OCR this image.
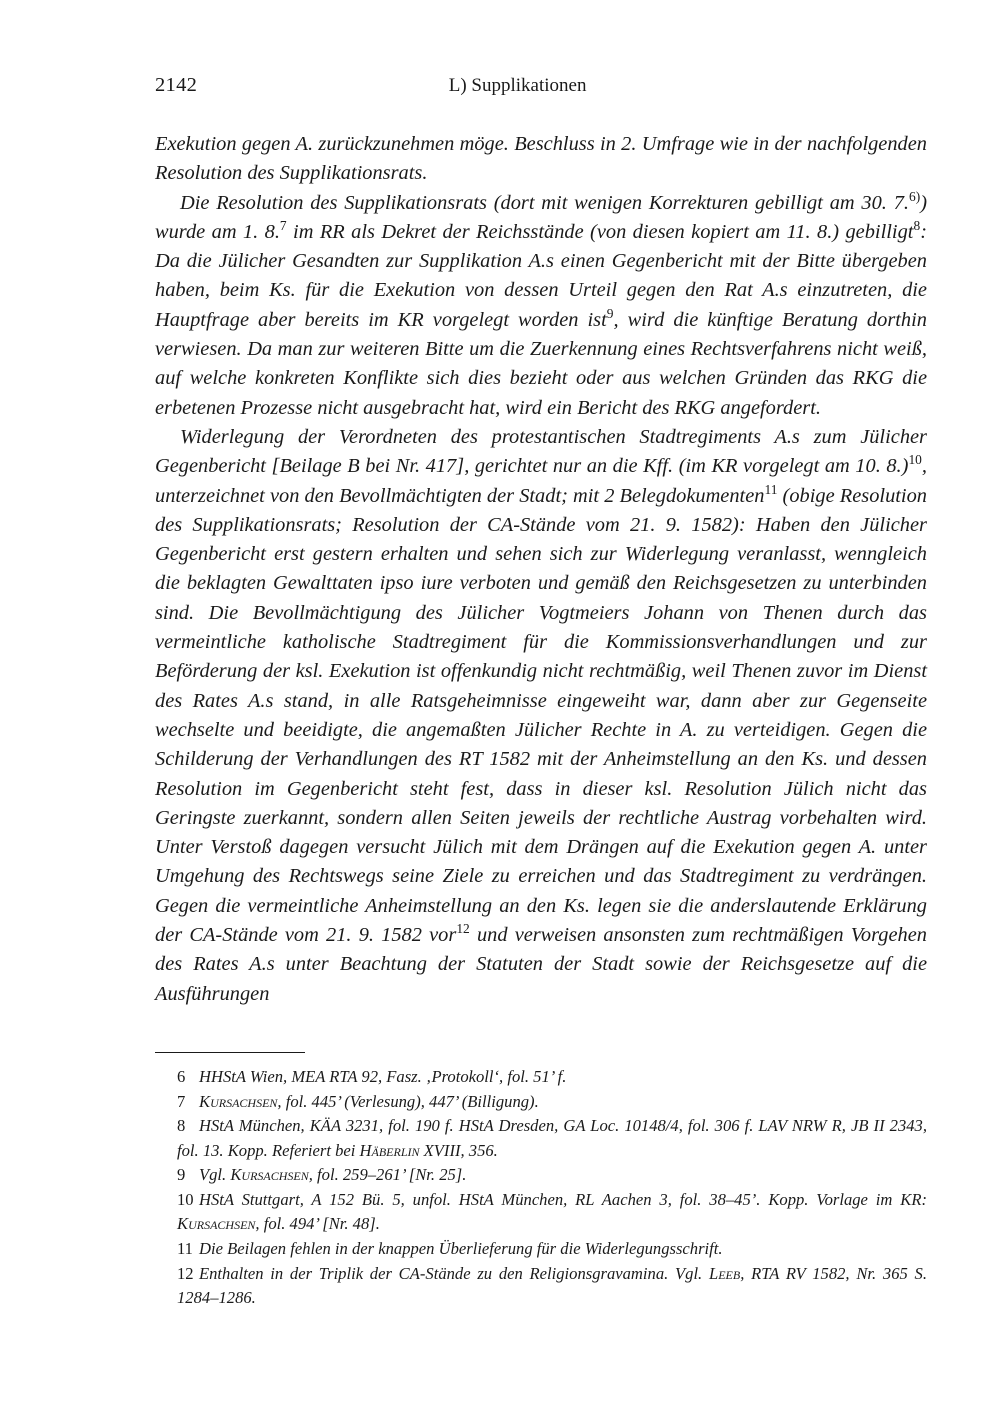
2142	L) Supplikationen

Exekution gegen A. zurückzunehmen möge. Beschluss in 2. Umfrage wie in der nachfolgenden Resolution des Supplikationsrats.

Die Resolution des Supplikationsrats (dort mit wenigen Korrekturen gebilligt am 30. 7.$^{6)}$) wurde am 1. 8.$^7$ im RR als Dekret der Reichsstände (von diesen kopiert am 11. 8.) gebilligt$^8$: Da die Jülicher Gesandten zur Supplikation A.s einen Gegenbericht mit der Bitte übergeben haben, beim Ks. für die Exekution von dessen Urteil gegen den Rat A.s einzutreten, die Hauptfrage aber bereits im KR vorgelegt worden ist$^9$, wird die künftige Beratung dorthin verwiesen. Da man zur weiteren Bitte um die Zuerkennung eines Rechtsverfahrens nicht weiß, auf welche konkreten Konflikte sich dies bezieht oder aus welchen Gründen das RKG die erbetenen Prozesse nicht ausgebracht hat, wird ein Bericht des RKG angefordert.

Widerlegung der Verordneten des protestantischen Stadtregiments A.s zum Jülicher Gegenbericht [Beilage B bei Nr. 417], gerichtet nur an die Kff. (im KR vorgelegt am 10. 8.)$^{10}$, unterzeichnet von den Bevollmächtigten der Stadt; mit 2 Belegdokumenten$^{11}$ (obige Resolution des Supplikationsrats; Resolution der CA-Stände vom 21. 9. 1582): Haben den Jülicher Gegenbericht erst gestern erhalten und sehen sich zur Widerlegung veranlasst, wenngleich die beklagten Gewalttaten ipso iure verboten und gemäß den Reichsgesetzen zu unterbinden sind. Die Bevollmächtigung des Jülicher Vogtmeiers Johann von Thenen durch das vermeintliche katholische Stadtregiment für die Kommissionsverhandlungen und zur Beförderung der ksl. Exekution ist offenkundig nicht rechtmäßig, weil Thenen zuvor im Dienst des Rates A.s stand, in alle Ratsgeheimnisse eingeweiht war, dann aber zur Gegenseite wechselte und beeidigte, die angemaßten Jülicher Rechte in A. zu verteidigen. Gegen die Schilderung der Verhandlungen des RT 1582 mit der Anheimstellung an den Ks. und dessen Resolution im Gegenbericht steht fest, dass in dieser ksl. Resolution Jülich nicht das Geringste zuerkannt, sondern allen Seiten jeweils der rechtliche Austrag vorbehalten wird. Unter Verstoß dagegen versucht Jülich mit dem Drängen auf die Exekution gegen A. unter Umgehung des Rechtswegs seine Ziele zu erreichen und das Stadtregiment zu verdrängen. Gegen die vermeintliche Anheimstellung an den Ks. legen sie die anderslautende Erklärung der CA-Stände vom 21. 9. 1582 vor$^{12}$ und verweisen ansonsten zum rechtmäßigen Vorgehen des Rates A.s unter Beachtung der Statuten der Stadt sowie der Reichsgesetze auf die Ausführungen

6 HHStA Wien, MEA RTA 92, Fasz. ‚Protokoll‘, fol. 51’ f.

7 Kursachsen, fol. 445’ (Verlesung), 447’ (Billigung).

8 HStA München, KÄA 3231, fol. 190 f. HStA Dresden, GA Loc. 10148/4, fol. 306 f. LAV NRW R, JB II 2343, fol. 13. Kopp. Referiert bei Häberlin XVIII, 356.

9 Vgl. Kursachsen, fol. 259–261’ [Nr. 25].

10 HStA Stuttgart, A 152 Bü. 5, unfol. HStA München, RL Aachen 3, fol. 38–45’. Kopp. Vorlage im KR: Kursachsen, fol. 494’ [Nr. 48].

11 Die Beilagen fehlen in der knappen Überlieferung für die Widerlegungsschrift.

12 Enthalten in der Triplik der CA-Stände zu den Religionsgravamina. Vgl. Leeb, RTA RV 1582, Nr. 365 S. 1284–1286.
